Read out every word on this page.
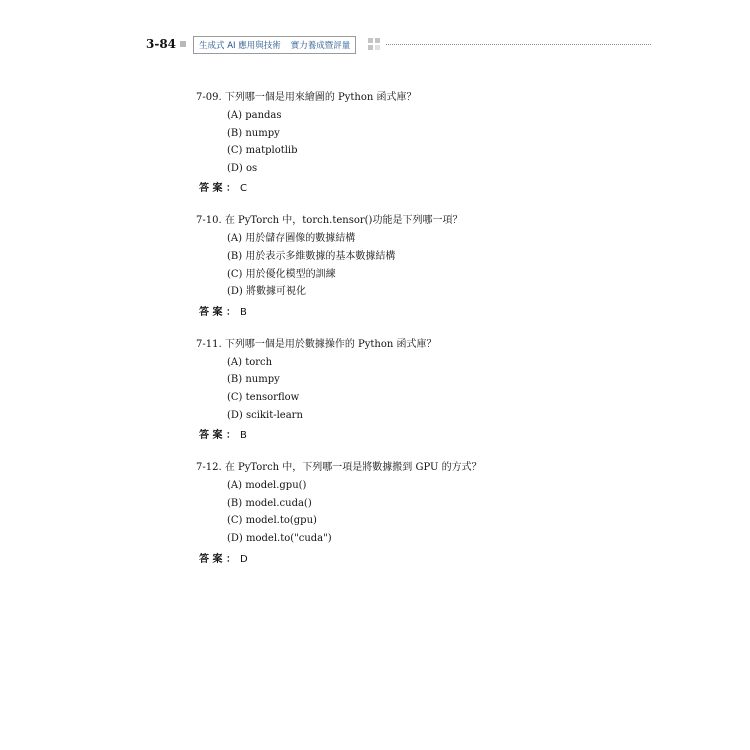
3-84	生成式 AI 應用與技術 實力養成暨評量
7-09. 下列哪一個是用來繪圖的 Python 函式庫？
(A) pandas
(B) numpy
(C) matplotlib
(D) os
答 案 ： C
7-10. 在 PyTorch 中，torch.tensor()功能是下列哪一項？
(A) 用於儲存圖像的數據結構
(B) 用於表示多維數據的基本數據結構
(C) 用於優化模型的訓練
(D) 將數據可視化
答 案 ： B
7-11. 下列哪一個是用於數據操作的 Python 函式庫？
(A) torch
(B) numpy
(C) tensorflow
(D) scikit-learn
答 案 ： B
7-12. 在 PyTorch 中，下列哪一項是將數據搬到 GPU 的方式？
(A) model.gpu()
(B) model.cuda()
(C) model.to(gpu)
(D) model.to("cuda")
答 案 ： D
